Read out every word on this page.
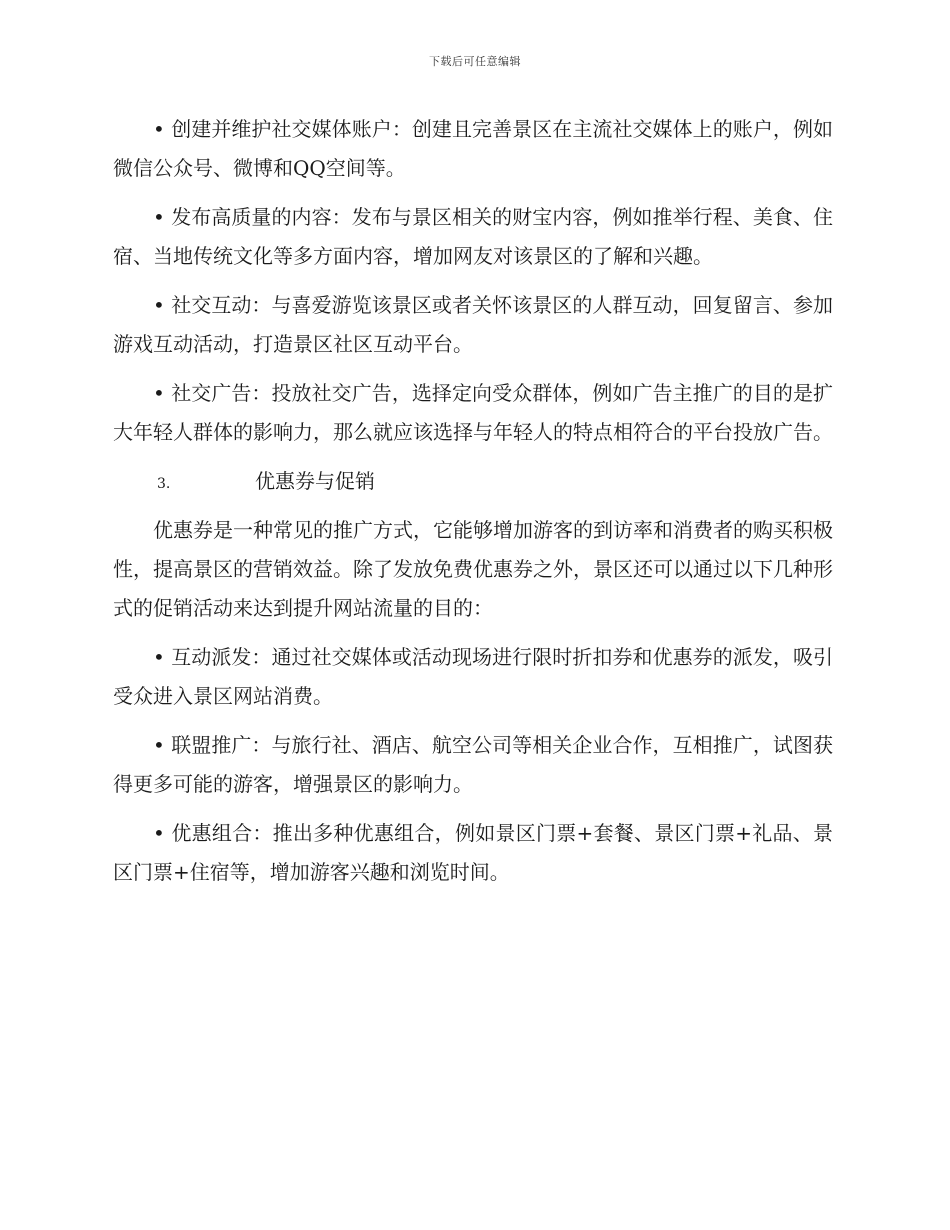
下载后可任意编辑

• 创建并维护社交媒体账户：创建且完善景区在主流社交媒体上的账户，例如微信公众号、微博和QQ空间等。

• 发布高质量的内容：发布与景区相关的财宝内容，例如推举行程、美食、住宿、当地传统文化等多方面内容，增加网友对该景区的了解和兴趣。

• 社交互动：与喜爱游览该景区或者关怀该景区的人群互动，回复留言、参加游戏互动活动，打造景区社区互动平台。

• 社交广告：投放社交广告，选择定向受众群体，例如广告主推广的目的是扩大年轻人群体的影响力，那么就应该选择与年轻人的特点相符合的平台投放广告。

3.	优惠券与促销

优惠券是一种常见的推广方式，它能够增加游客的到访率和消费者的购买积极性，提高景区的营销效益。除了发放免费优惠券之外，景区还可以通过以下几种形式的促销活动来达到提升网站流量的目的：

• 互动派发：通过社交媒体或活动现场进行限时折扣券和优惠券的派发，吸引受众进入景区网站消费。

• 联盟推广：与旅行社、酒店、航空公司等相关企业合作，互相推广，试图获得更多可能的游客，增强景区的影响力。

• 优惠组合：推出多种优惠组合，例如景区门票+套餐、景区门票+礼品、景区门票+住宿等，增加游客兴趣和浏览时间。
